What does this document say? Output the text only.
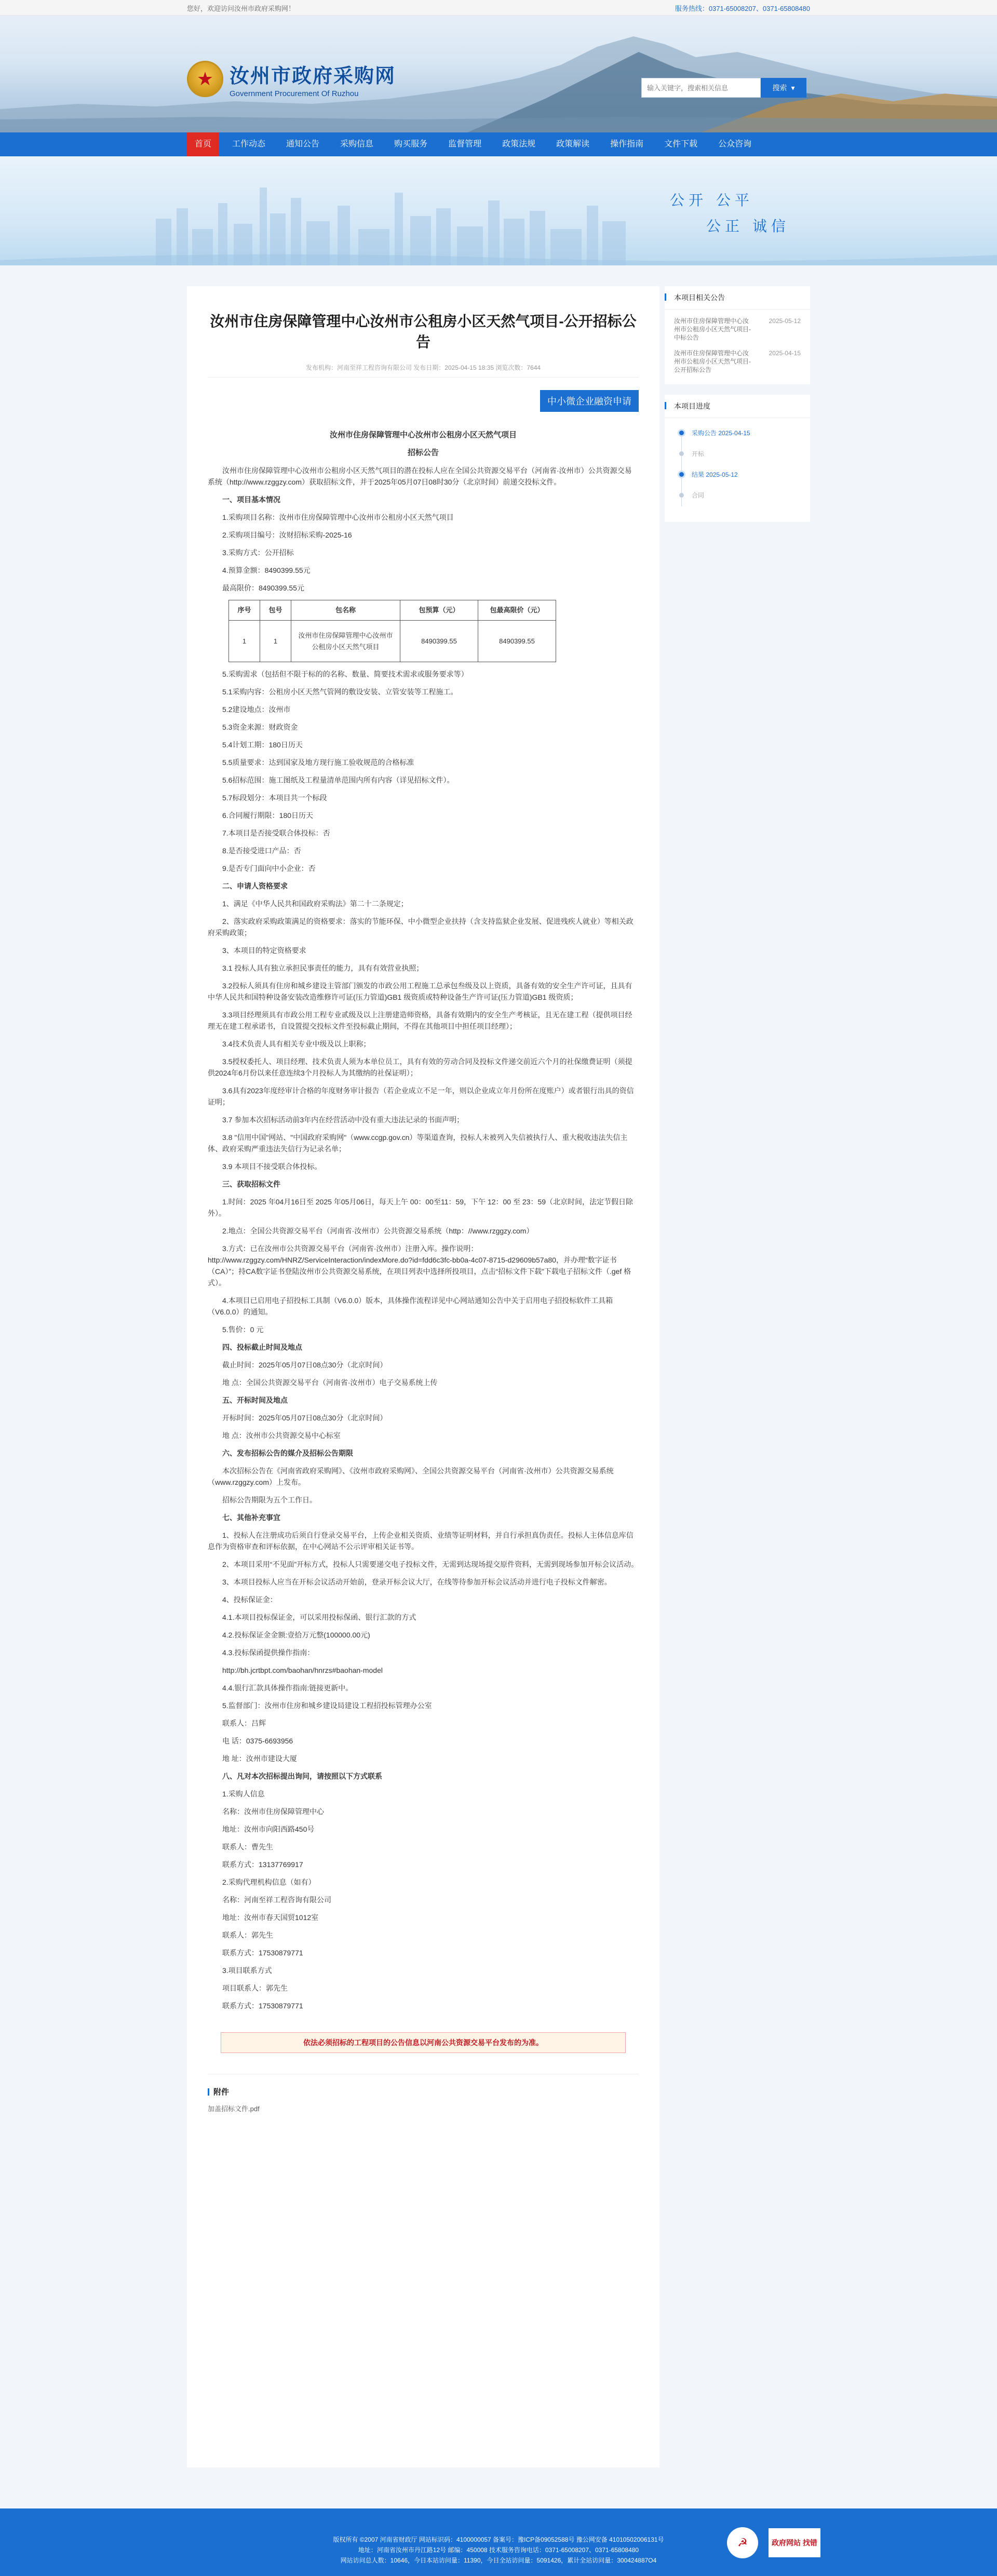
您好，欢迎访问汝州市政府采购网！	服务热线：0371-65008207、0371-65808480
★ 汝州市政府采购网
Government Procurement Of Ruzhou
输入关键字，搜索相关信息
搜索 ▾
首页	工作动态	通知公告	采购信息	购买服务	监督管理	政策法规	政策解读	操作指南	文件下载	公众咨询
公开 公平
公正 诚信
汝州市住房保障管理中心汝州市公租房小区天然气项目-公开招标公告
发布机构：河南至祥工程咨询有限公司 发布日期：2025-04-15 18:35 浏览次数：7644
中小微企业融资申请

汝州市住房保障管理中心汝州市公租房小区天然气项目

招标公告

汝州市住房保障管理中心汝州市公租房小区天然气项目的潜在投标人应在全国公共资源交易平台（河南省·汝州市）公共资源交易系统（http://www.rzggzy.com）获取招标文件，并于2025年05月07日08时30分（北京时间）前递交投标文件。

一、项目基本情况

1.采购项目名称：汝州市住房保障管理中心汝州市公租房小区天然气项目

2.采购项目编号：汝财招标采购-2025-16

3.采购方式：公开招标

4.预算金额：8490399.55元

最高限价：8490399.55元

序号	包号	包名称	包预算（元）	包最高限价（元）
1	1	汝州市住房保障管理中心汝州市公租房小区天然气项目	8490399.55	8490399.55

5.采购需求（包括但不限于标的的名称、数量、简要技术需求或服务要求等）

5.1采购内容：公租房小区天然气管网的敷设安装、立管安装等工程施工。

5.2建设地点：汝州市

5.3资金来源：财政资金

5.4计划工期：180日历天

5.5质量要求：达到国家及地方现行施工验收规范的合格标准

5.6招标范围：施工图纸及工程量清单范围内所有内容（详见招标文件）。

5.7标段划分：本项目共一个标段

6.合同履行期限：180日历天

7.本项目是否接受联合体投标：否

8.是否接受进口产品：否

9.是否专门面向中小企业：否

二、申请人资格要求

1、满足《中华人民共和国政府采购法》第二十二条规定；

2、落实政府采购政策满足的资格要求：落实的节能环保、中小微型企业扶持（含支持监狱企业发展、促进残疾人就业）等相关政府采购政策；

3、本项目的特定资格要求

3.1 投标人具有独立承担民事责任的能力，具有有效营业执照；

3.2投标人须具有住房和城乡建设主管部门颁发的市政公用工程施工总承包叁级及以上资质，具备有效的安全生产许可证，且具有中华人民共和国特种设备安装改造维修许可证(压力管道)GB1 级资质或特种设备生产许可证(压力管道)GB1 级资质；

3.3项目经理须具有市政公用工程专业贰级及以上注册建造师资格，具备有效期内的安全生产考核证，且无在建工程（提供项目经理无在建工程承诺书，自设置提交投标文件至投标截止期间，不得在其他项目中担任项目经理）；

3.4技术负责人具有相关专业中级及以上职称；

3.5授权委托人、项目经理、技术负责人须为本单位员工，具有有效的劳动合同及投标文件递交前近六个月的社保缴费证明（须提供2024年6月份以来任意连续3个月投标人为其缴纳的社保证明）；

3.6具有2023年度经审计合格的年度财务审计报告（若企业成立不足一年，则以企业成立年月份所在度账户）或者银行出具的资信证明；

3.7 参加本次招标活动前3年内在经营活动中没有重大违法记录的书面声明；

3.8 "信用中国"网站、"中国政府采购网"（www.ccgp.gov.cn）等渠道查询，投标人未被列入失信被执行人、重大税收违法失信主体、政府采购严重违法失信行为记录名单；

3.9 本项目不接受联合体投标。

三、获取招标文件

1.时间：2025 年04月16日至 2025 年05月06日，每天上午 00：00至11：59，下午 12：00 至 23：59（北京时间，法定节假日除外）。

2.地点：全国公共资源交易平台（河南省·汝州市）公共资源交易系统（http：//www.rzggzy.com）

3.方式：已在汝州市公共资源交易平台（河南省·汝州市）注册入库。操作说明：http://www.rzggzy.com/HNRZ/ServiceInteraction/indexMore.do?id=fdd6c3fc-bb0a-4c07-8715-d29609b57a80，并办理“数字证书（CA）”；持CA数字证书登陆汝州市公共资源交易系统，在项目列表中选择所投项目，点击“招标文件下载”下载电子招标文件（.gef 格式）。

4.本项目已启用电子招投标工具制（V6.0.0）版本，具体操作流程详见中心网站通知公告中关于启用电子招投标软件工具箱（V6.0.0）的通知。

5.售价：0 元

四、投标截止时间及地点

截止时间：2025年05月07日08点30分（北京时间）

地 点：全国公共资源交易平台（河南省·汝州市）电子交易系统上传

五、开标时间及地点

开标时间：2025年05月07日08点30分（北京时间）

地 点：汝州市公共资源交易中心标室

六、发布招标公告的媒介及招标公告期限

本次招标公告在《河南省政府采购网》、《汝州市政府采购网》、全国公共资源交易平台（河南省·汝州市）公共资源交易系统（www.rzggzy.com）上发布。

招标公告期限为五个工作日。

七、其他补充事宜

1、投标人在注册成功后须自行登录交易平台，上传企业相关资质、业绩等证明材料，并自行承担真伪责任。投标人主体信息库信息作为资格审查和评标依据，在中心网站不公示评审相关证书等。

2、本项目采用“不见面”开标方式，投标人只需要递交电子投标文件，无需到达现场提交原件资料，无需到现场参加开标会议活动。

3、本项目投标人应当在开标会议活动开始前，登录开标会议大厅，在线等待参加开标会议活动并进行电子投标文件解密。

4、投标保证金：

4.1.本项目投标保证金，可以采用投标保函、银行汇款的方式

4.2.投标保证金金额:壹拾万元整(100000.00元)

4.3.投标保函提供操作指南：

http://bh.jcrtbpt.com/baohan/hnrzs#baohan-model

4.4.银行汇款具体操作指南:链接更新中。

5.监督部门：汝州市住房和城乡建设局建设工程招投标管理办公室

联系人：吕辉

电 话：0375-6693956

地 址：汝州市建设大厦

八、凡对本次招标提出询问，请按照以下方式联系

1.采购人信息

名称：汝州市住房保障管理中心

地址：汝州市向阳西路450号

联系人：曹先生

联系方式：13137769917

2.采购代理机构信息（如有）

名称：河南至祥工程咨询有限公司

地址：汝州市春天国贸1012室

联系人：郭先生

联系方式：17530879771

3.项目联系方式

项目联系人：郭先生

联系方式：17530879771

依法必须招标的工程项目的公告信息以河南公共资源交易平台发布的为准。
附件

加盖招标文件.pdf

本项目相关公告
汝州市住房保障管理中心汝州市公租房小区天然气项目-中标公告
2025-05-12
汝州市住房保障管理中心汝州市公租房小区天然气项目-公开招标公告
2025-04-15
本项目进度
采购公告 2025-04-15
开标
结果 2025-05-12
合同
☭	政府网站 找错
版权所有 ©2007 河南省财政厅 网站标识码：4100000057 备案号：豫ICP备09052588号 豫公网安备 41010502006131号
地址：河南省汝州市丹江路12号 邮编：450008 技术服务咨询电话：0371-65008207、0371-65808480
网站访问总人数：10646，今日本站访问量：11390，今日全站访问量：5091426，累计全站访问量：300424887O4
